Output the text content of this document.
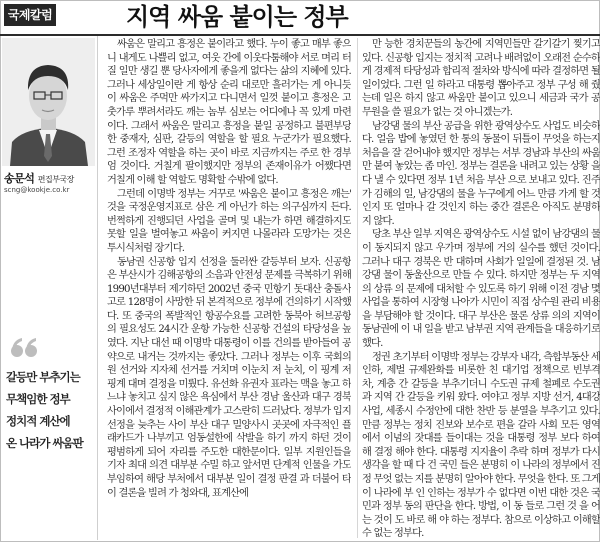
국제칼럼	지역 싸움 붙이는 정부
송문석 편집부국장
scng@kookje.co.kr
갈등만 부추기는
무책임한 정부
정치적 계산에
온 나라가 싸움판

싸움은 말리고 흥정은 붙이라고 했다. 누이 좋고 매부 좋으니 내게도 나쁠리 없고, 여웃 간에 이웃다툼해야 서로 며리 터질 일만 생길 뿐 당사자에게 좋을게 없다는 삶의 지혜에 있다. 그러나 세상일이란 게 항상 순리 대로만 흘러가는 게 아니듯이 싸움은 주먹만 싸가지고 다니면서 일껏 붙이고 흥정은 고춧가루 뿌려서라도 깨는 놈부 심보는 어디에나 꼭 있게 마련이다. 그래서 싸움은 말리고 흥정을 붙일 공정하고 불편부당한 중재자, 심판, 갈등의 역할을 할 필요 누군가가 필요했다. 그런 조정자 역할을 하는 곳이 바로 지금까지는 주로 한 경부엄 것이다. 거칠게 팔이했지만 정부의 존재이유가 어쨌다면 거칠게 이해 할 역할도 명확할 수밖에 없다.

그런데 이명박 정부는 거꾸로 '싸움은 붙이고 흥정은 깨는' 것을 국정운영지표로 삼은 게 아닌가 하는 의구심까지 든다. 번쩍하게 진행되던 사업을 골며 및 내는가 하면 해결하지도 못할 일을 벌여놓고 싸움이 커지면 나몰라라 도망가는 것은 투시식처럼 장기다.

동남권 신공항 입지 선정을 둘러싼 갈등부터 보자. 신공항은 부산시가 김해공항의 소음과 안전성 문제를 극복하기 위해 1990년대부터 제기하던 2002년 중국 민항기 돗대산 충돌사고로 128명이 사망한 뒤 본격적으로 정부에 건의하기 시작했다. 또 중국의 폭발적인 항공수요를 고려한 동북아 허브공항의 필요성도 24시간 운항 가능한 신공항 건설의 타당성을 높였다. 지난 대선 때 이명박 대통령이 이를 건의를 받아들여 공약으로 내거는 것까지는 좋았다. 그러나 정부는 이후 국회의원 선거와 지자체 선거를 거치며 이눈치 저 눈치, 이 핑계 저 핑계 대며 결정을 미뤘다. 유선화 유권자 표라는 맥을 놓고 하느냐 놓치고 싶지 않은 욕심에서 부산 경남 울산과 대구 경북 사이에서 결정적 이해관계가 고스란히 드러났다. 정부가 입지선정을 늦추는 사이 부산 대구 밀양사시 곳곳에 자극적인 플래카드가 나부끼고 엄동설한에 삭발을 하기 까지 하던 것이 평범하게 되어 자리를 주도한 대한문이다. 일부 지원인들을 기자 최대 의견 대부분 수밀 하고 앞서면 단계적 인물을 가도 부임하여 해당 부처에서 대부분 일이 결정 판결 과 더불어 타이 결론을 빌려 가 청와대, 표계산에

만 능한 경치꾼들의 농간에 지역민들만 갈기갈기 찢기고 있다. 신공항 입지는 정치적 고려나 배려없이 오래전 순수하게 경제적 타당성과 합리적 절차와 방식에 따라 결정하면 될 일이었다. 그런 일 하라고 대통령 뽑아주고 정부 구성 해 줬는데 일은 하지 않고 싸움만 붙이고 있으니 세금과 국가 공무원을 쓸 필요가 없는 것 아니겠는가.

남강댐 물의 부산 공급을 위한 광역상수도 사업도 비슷하다. 얼음 밥에 놓였던 한 통의 동물이 뒤틀이 무엇을 하는지 처음을 잘 걷어내야 했지만 정부는 서부 경남과 부산의 싸움만 붙여 놓았는 좀 마인. 정부는 결론을 내려고 있는 상황 을 다 낼 수 있다면 정부 1년 처음 부산 으로 보내고 있다. 진주 가 김해의 일, 남강댐의 물을 누구에게 어느 만큼 가게 할 것인지 또 얼마나 갈 것인지 하는 중간 결론은 아직도 분명하지 않다.

당초 부산 일부 지역은 광역상수도 시설 없이 남강댐의 물이 동지되지 않고 우가며 정부에 거의 실수를 했던 것이다. 그러나 대구 경북은 반 대하며 사회가 일일에 결정된 것. 남강댐 물이 동울산으로 만들 수 있다. 하지만 정부는 두 지역의 상류 의 문제에 대처할 수 있도록 하기 위해 이전 경남 몇 사업을 통하여 시장형 나아가 시민이 직접 상수원 관리 비용을 부담해야 할 것이다. 대구 부산은 물론 상류 의의 지역이 동남권에 이 내 일을 받고 남부권 지역 관계들을 대응하기로 했다.

정권 초기부터 이명박 정부는 강부자 내각, 측합부동산 세 인하, 제벌 규제완화를 비롯한 친 대기업 정책으로 빈부격차, 계층 간 갈등을 부추기더니 수도권 규제 철폐로 수도권과 지역 간 갈등을 키워 왔다. 여야고 정부 지방 선거, 4대강 사업, 세종시 수정안에 대한 찬반 등 분열을 부추기고 있다. 만큼 정부는 정치 진보와 보수로 편을 갈라 사회 모든 영역에서 이념의 잣대를 들이대는 것을 대통령 정부 보다 하여 해 결정 해야 한다. 대통령 지지율이 추락 하며 정부가 다시 생각을 할 때 다 건 국민 들은 분명히 이 나라의 정부에서 진정 무엇 없는 지를 분명히 알아야 한다. 무엇을 한다. 또 그게 이 나라에 부 인 인하는 정부가 수 없다면 이번 대한 것은 국민과 정부 동의 판단을 한다. 방법, 이 동 들로 그런 것 을 어 는 것이 도 바로 해 야 하는 정부다. 참으로 이상하고 이해할 수 없는 정부다.
